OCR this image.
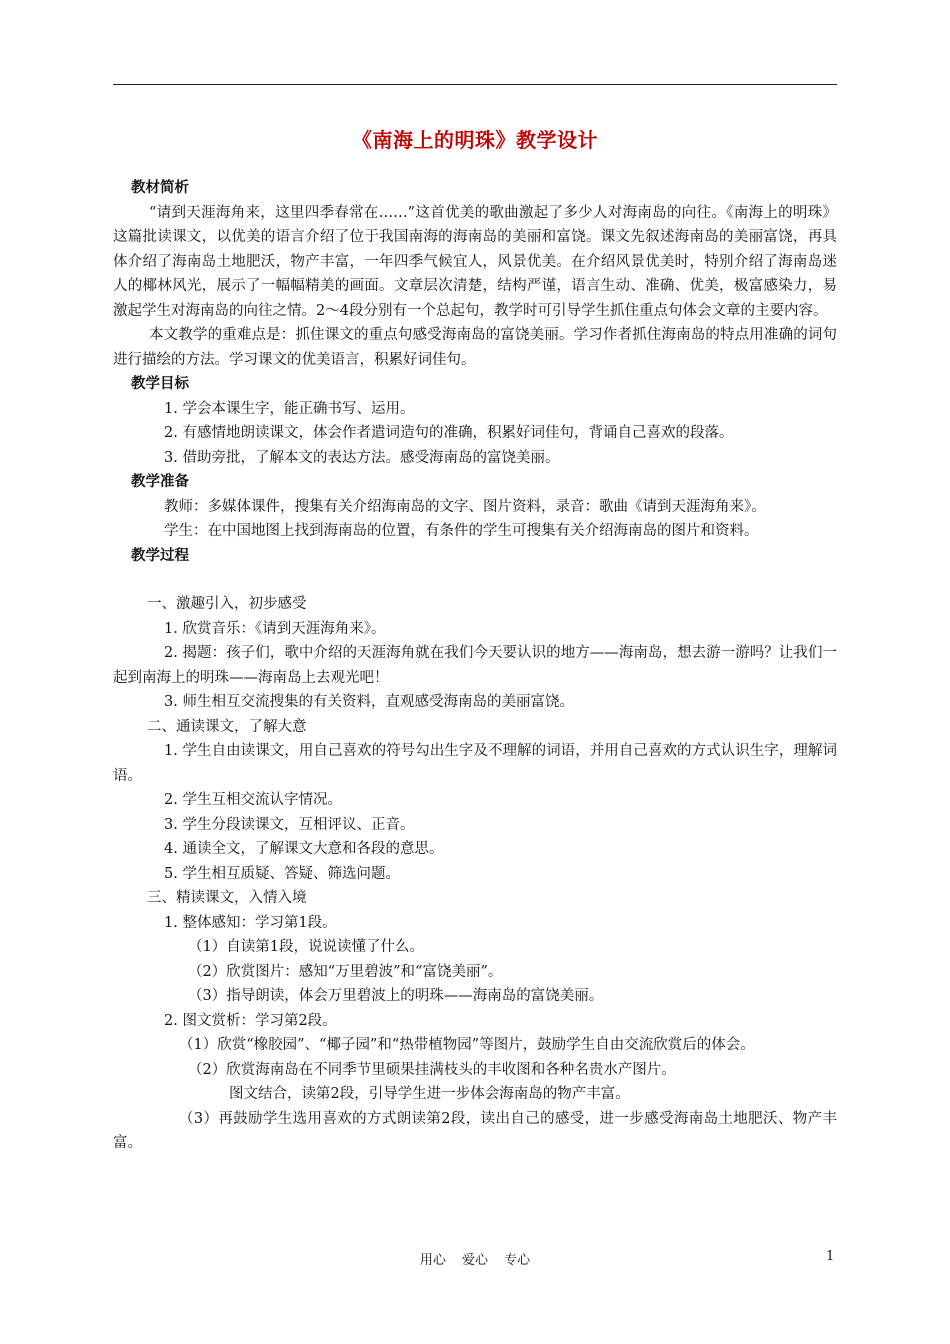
《南海上的明珠》教学设计
教材简析
“请到天涯海角来，这里四季春常在……”这首优美的歌曲激起了多少人对海南岛的向往。《南海上的明珠》这篇批读课文，以优美的语言介绍了位于我国南海的海南岛的美丽和富饶。课文先叙述海南岛的美丽富饶，再具体介绍了海南岛土地肥沃，物产丰富，一年四季气候宜人，风景优美。在介绍风景优美时，特别介绍了海南岛迷人的椰林风光，展示了一幅幅精美的画面。文章层次清楚，结构严谨，语言生动、准确、优美，极富感染力，易激起学生对海南岛的向往之情。2～4段分别有一个总起句，教学时可引导学生抓住重点句体会文章的主要内容。
本文教学的重难点是：抓住课文的重点句感受海南岛的富饶美丽。学习作者抓住海南岛的特点用准确的词句进行描绘的方法。学习课文的优美语言，积累好词佳句。
教学目标
1. 学会本课生字，能正确书写、运用。
2. 有感情地朗读课文，体会作者遣词造句的准确，积累好词佳句，背诵自己喜欢的段落。
3. 借助旁批，了解本文的表达方法。感受海南岛的富饶美丽。
教学准备
教师：多媒体课件，搜集有关介绍海南岛的文字、图片资料，录音：歌曲《请到天涯海角来》。
学生：在中国地图上找到海南岛的位置，有条件的学生可搜集有关介绍海南岛的图片和资料。
教学过程
一、激趣引入，初步感受
1. 欣赏音乐：《请到天涯海角来》。
2. 揭题：孩子们，歌中介绍的天涯海角就在我们今天要认识的地方——海南岛，想去游一游吗？让我们一起到南海上的明珠——海南岛上去观光吧！
3. 师生相互交流搜集的有关资料，直观感受海南岛的美丽富饶。
二、通读课文，了解大意
1. 学生自由读课文，用自己喜欢的符号勾出生字及不理解的词语，并用自己喜欢的方式认识生字，理解词语。
2. 学生互相交流认字情况。
3. 学生分段读课文，互相评议、正音。
4. 通读全文，了解课文大意和各段的意思。
5. 学生相互质疑、答疑、筛选问题。
三、精读课文，入情入境
1. 整体感知：学习第1段。
（1）自读第1段，说说读懂了什么。
（2）欣赏图片：感知“万里碧波”和“富饶美丽”。
（3）指导朗读，体会万里碧波上的明珠——海南岛的富饶美丽。
2. 图文赏析：学习第2段。
（1）欣赏“橡胶园”、“椰子园”和“热带植物园”等图片，鼓励学生自由交流欣赏后的体会。
（2）欣赏海南岛在不同季节里硕果挂满枝头的丰收图和各种名贵水产图片。
图文结合，读第2段，引导学生进一步体会海南岛的物产丰富。
（3）再鼓励学生选用喜欢的方式朗读第2段，读出自己的感受，进一步感受海南岛土地肥沃、物产丰富。
用心 爱心 专心	1
